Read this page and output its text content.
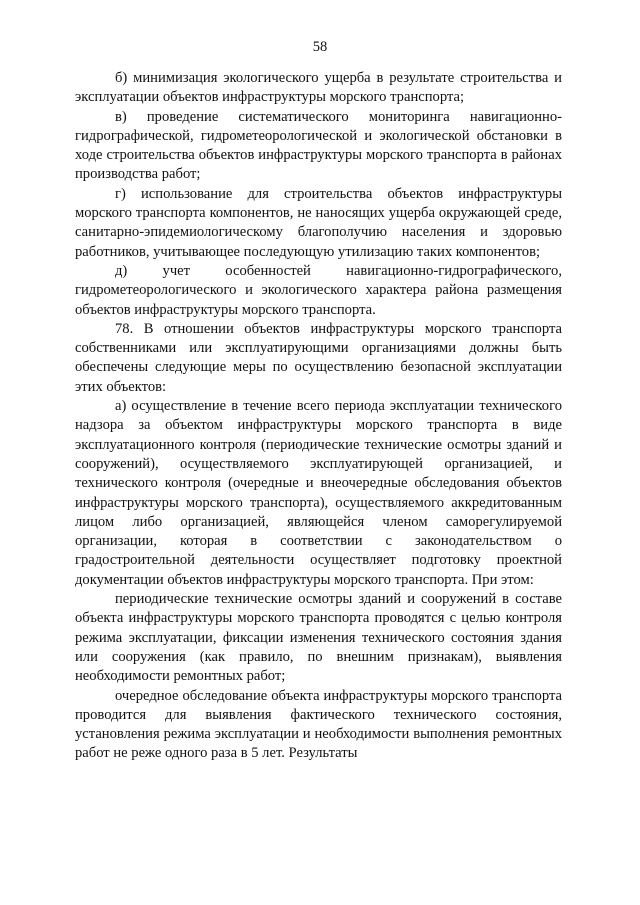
58

б) минимизация экологического ущерба в результате строительства и эксплуатации объектов инфраструктуры морского транспорта;

в) проведение систематического мониторинга навигационно-гидрографической, гидрометеорологической и экологической обстановки в ходе строительства объектов инфраструктуры морского транспорта в районах производства работ;

г) использование для строительства объектов инфраструктуры морского транспорта компонентов, не наносящих ущерба окружающей среде, санитарно-эпидемиологическому благополучию населения и здоровью работников, учитывающее последующую утилизацию таких компонентов;

д) учет особенностей навигационно-гидрографического, гидрометеорологического и экологического характера района размещения объектов инфраструктуры морского транспорта.

78. В отношении объектов инфраструктуры морского транспорта собственниками или эксплуатирующими организациями должны быть обеспечены следующие меры по осуществлению безопасной эксплуатации этих объектов:

а) осуществление в течение всего периода эксплуатации технического надзора за объектом инфраструктуры морского транспорта в виде эксплуатационного контроля (периодические технические осмотры зданий и сооружений), осуществляемого эксплуатирующей организацией, и технического контроля (очередные и внеочередные обследования объектов инфраструктуры морского транспорта), осуществляемого аккредитованным лицом либо организацией, являющейся членом саморегулируемой организации, которая в соответствии с законодательством о градостроительной деятельности осуществляет подготовку проектной документации объектов инфраструктуры морского транспорта. При этом:

периодические технические осмотры зданий и сооружений в составе объекта инфраструктуры морского транспорта проводятся с целью контроля режима эксплуатации, фиксации изменения технического состояния здания или сооружения (как правило, по внешним признакам), выявления необходимости ремонтных работ;

очередное обследование объекта инфраструктуры морского транспорта проводится для выявления фактического технического состояния, установления режима эксплуатации и необходимости выполнения ремонтных работ не реже одного раза в 5 лет. Результаты
